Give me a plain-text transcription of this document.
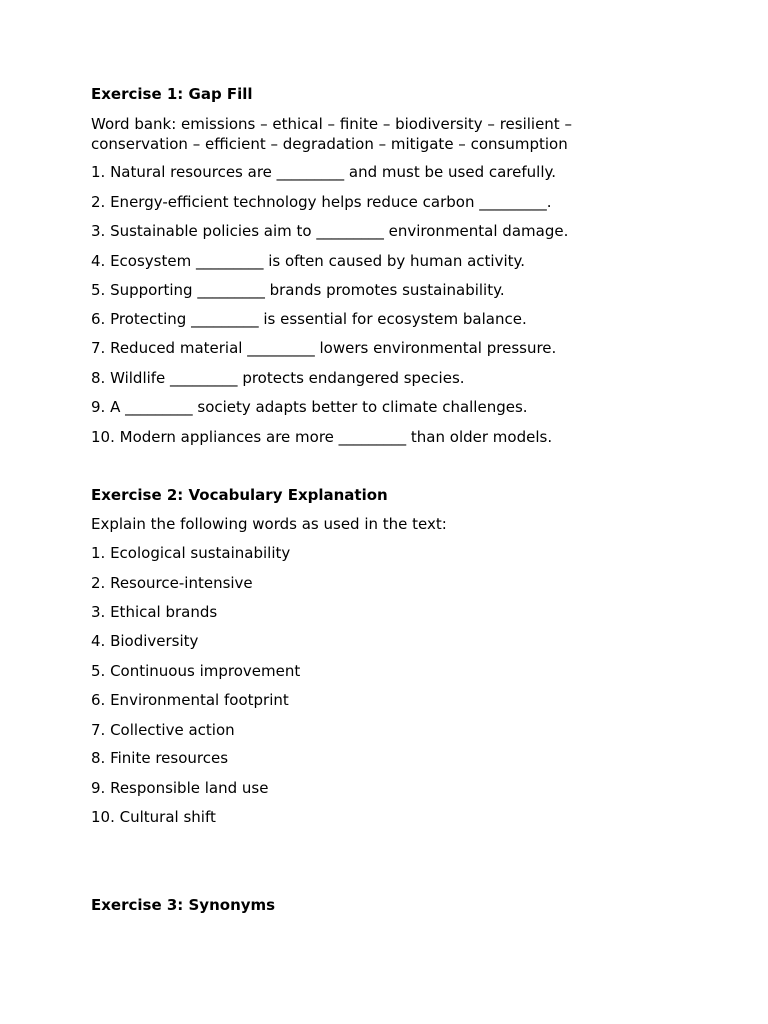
Exercise 1: Gap Fill

Word bank: emissions – ethical – finite – biodiversity – resilient –

conservation – efficient – degradation – mitigate – consumption

1. Natural resources are _________ and must be used carefully.

2. Energy-efficient technology helps reduce carbon _________.

3. Sustainable policies aim to _________ environmental damage.

4. Ecosystem _________ is often caused by human activity.

5. Supporting _________ brands promotes sustainability.

6. Protecting _________ is essential for ecosystem balance.

7. Reduced material _________ lowers environmental pressure.

8. Wildlife _________ protects endangered species.

9. A _________ society adapts better to climate challenges.

10. Modern appliances are more _________ than older models.

Exercise 2: Vocabulary Explanation

Explain the following words as used in the text:

1. Ecological sustainability

2. Resource-intensive

3. Ethical brands

4. Biodiversity

5. Continuous improvement

6. Environmental footprint

7. Collective action

8. Finite resources

9. Responsible land use

10. Cultural shift

Exercise 3: Synonyms
